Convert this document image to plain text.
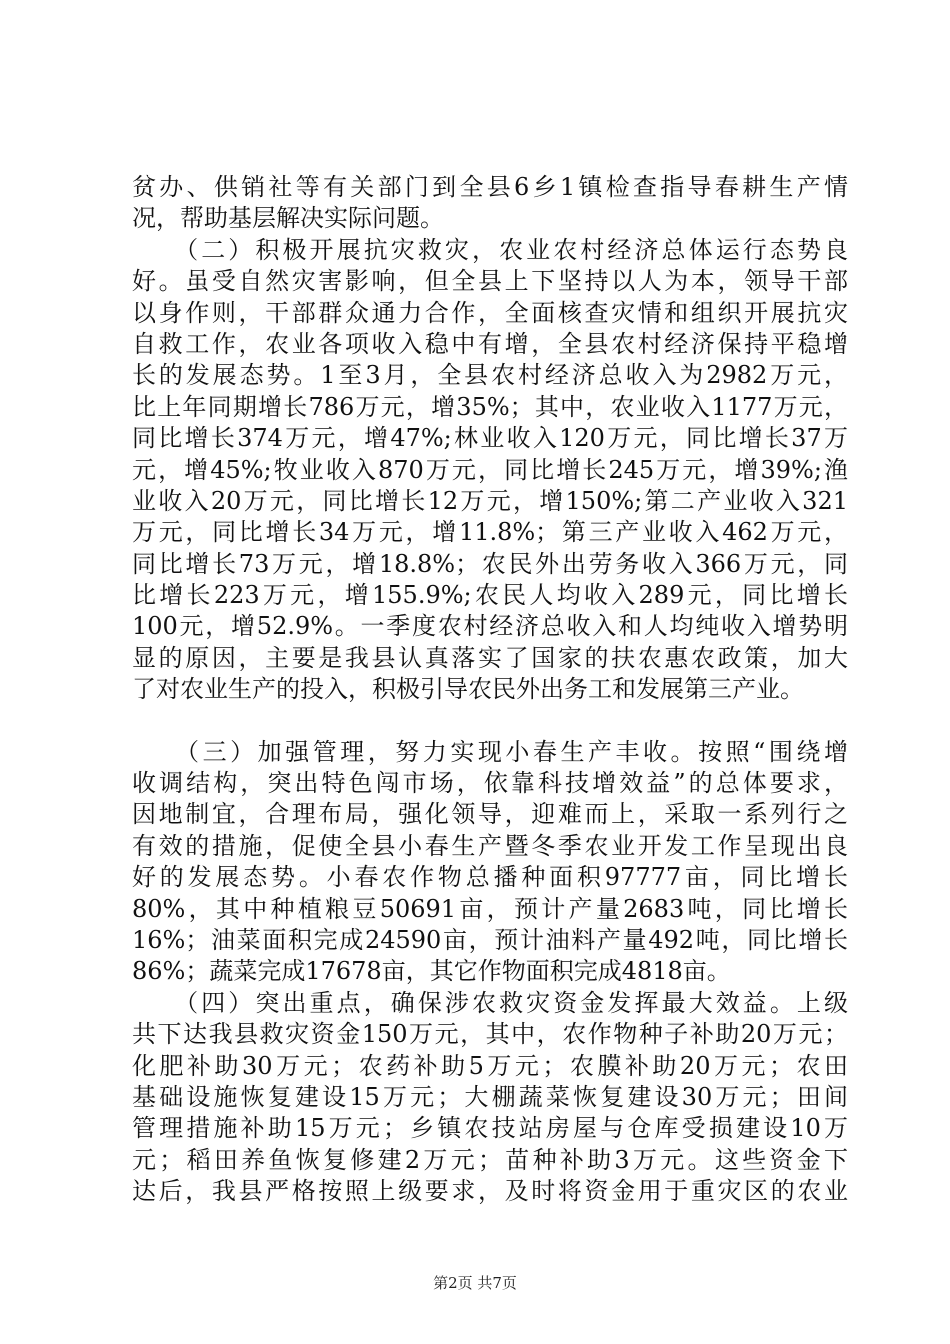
贫办、供销社等有关部门到全县6乡1镇检查指导春耕生产情
况，帮助基层解决实际问题。
　　（二）积极开展抗灾救灾，农业农村经济总体运行态势良
好。虽受自然灾害影响，但全县上下坚持以人为本，领导干部
以身作则，干部群众通力合作，全面核查灾情和组织开展抗灾
自救工作，农业各项收入稳中有增，全县农村经济保持平稳增
长的发展态势。1至3月，全县农村经济总收入为2982万元，
比上年同期增长786万元，增35%；其中，农业收入1177万元，
同比增长374万元，增47%;林业收入120万元，同比增长37万
元，增45%;牧业收入870万元，同比增长245万元，增39%;渔
业收入20万元，同比增长12万元，增150%;第二产业收入321
万元，同比增长34万元，增11.8%；第三产业收入462万元，
同比增长73万元，增18.8%；农民外出劳务收入366万元，同
比增长223万元，增155.9%;农民人均收入289元，同比增长
100元，增52.9%。一季度农村经济总收入和人均纯收入增势明
显的原因，主要是我县认真落实了国家的扶农惠农政策，加大
了对农业生产的投入，积极引导农民外出务工和发展第三产业。
　　（三）加强管理，努力实现小春生产丰收。按照“围绕增
收调结构，突出特色闯市场，依靠科技增效益”的总体要求，
因地制宜，合理布局，强化领导，迎难而上，采取一系列行之
有效的措施，促使全县小春生产暨冬季农业开发工作呈现出良
好的发展态势。小春农作物总播种面积97777亩，同比增长
80%，其中种植粮豆50691亩，预计产量2683吨，同比增长
16%；油菜面积完成24590亩，预计油料产量492吨，同比增长
86%；蔬菜完成17678亩，其它作物面积完成4818亩。
　　（四）突出重点，确保涉农救灾资金发挥最大效益。上级
共下达我县救灾资金150万元，其中，农作物种子补助20万元；
化肥补助30万元；农药补助5万元；农膜补助20万元；农田
基础设施恢复建设15万元；大棚蔬菜恢复建设30万元；田间
管理措施补助15万元；乡镇农技站房屋与仓库受损建设10万
元；稻田养鱼恢复修建2万元；苗种补助3万元。这些资金下
达后，我县严格按照上级要求，及时将资金用于重灾区的农业
第2页 共7页
